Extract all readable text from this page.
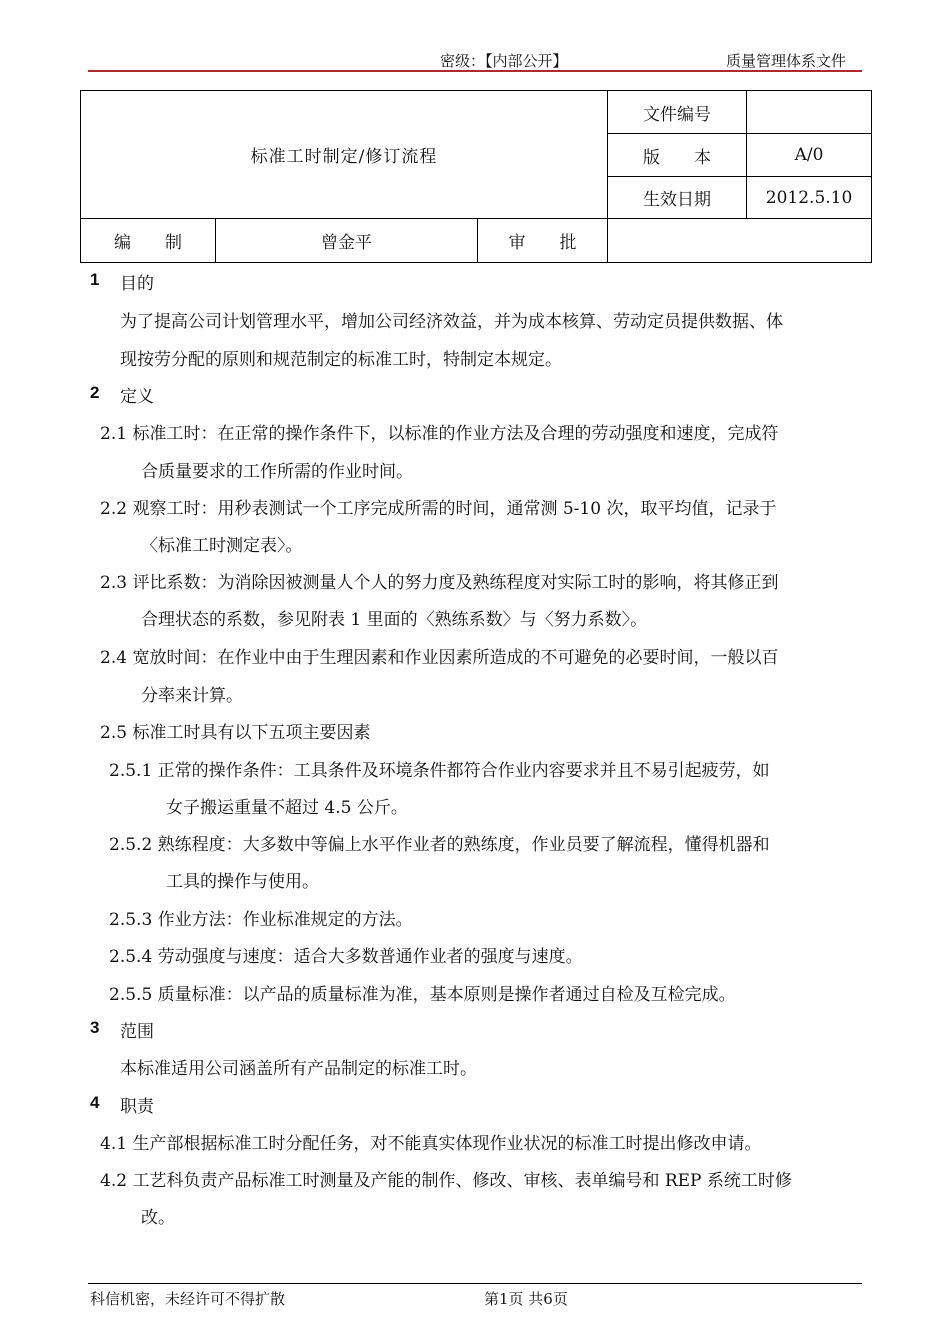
密级：【内部公开】	质量管理体系文件
标准工时制定/修订流程			文件编号	
			版　　本	A/0
			生效日期	2012.5.10
编　　制	曾金平	审　　批		
1 目的
为了提高公司计划管理水平，增加公司经济效益，并为成本核算、劳动定员提供数据、体
现按劳分配的原则和规范制定的标准工时，特制定本规定。
2 定义
2.1 标准工时：在正常的操作条件下，以标准的作业方法及合理的劳动强度和速度，完成符
合质量要求的工作所需的作业时间。
2.2 观察工时：用秒表测试一个工序完成所需的时间，通常测 5-10 次，取平均值，记录于
〈标准工时测定表〉。
2.3 评比系数：为消除因被测量人个人的努力度及熟练程度对实际工时的影响，将其修正到
合理状态的系数，参见附表 1 里面的〈熟练系数〉与〈努力系数〉。
2.4 宽放时间：在作业中由于生理因素和作业因素所造成的不可避免的必要时间，一般以百
分率来计算。
2.5 标准工时具有以下五项主要因素
2.5.1 正常的操作条件：工具条件及环境条件都符合作业内容要求并且不易引起疲劳，如
女子搬运重量不超过 4.5 公斤。
2.5.2 熟练程度：大多数中等偏上水平作业者的熟练度，作业员要了解流程，懂得机器和
工具的操作与使用。
2.5.3 作业方法：作业标准规定的方法。
2.5.4 劳动强度与速度：适合大多数普通作业者的强度与速度。
2.5.5 质量标准：以产品的质量标准为准，基本原则是操作者通过自检及互检完成。
3 范围
本标准适用公司涵盖所有产品制定的标准工时。
4 职责
4.1 生产部根据标准工时分配任务，对不能真实体现作业状况的标准工时提出修改申请。
4.2 工艺科负责产品标准工时测量及产能的制作、修改、审核、表单编号和 REP 系统工时修
改。
科信机密，未经许可不得扩散	第1页 共6页
